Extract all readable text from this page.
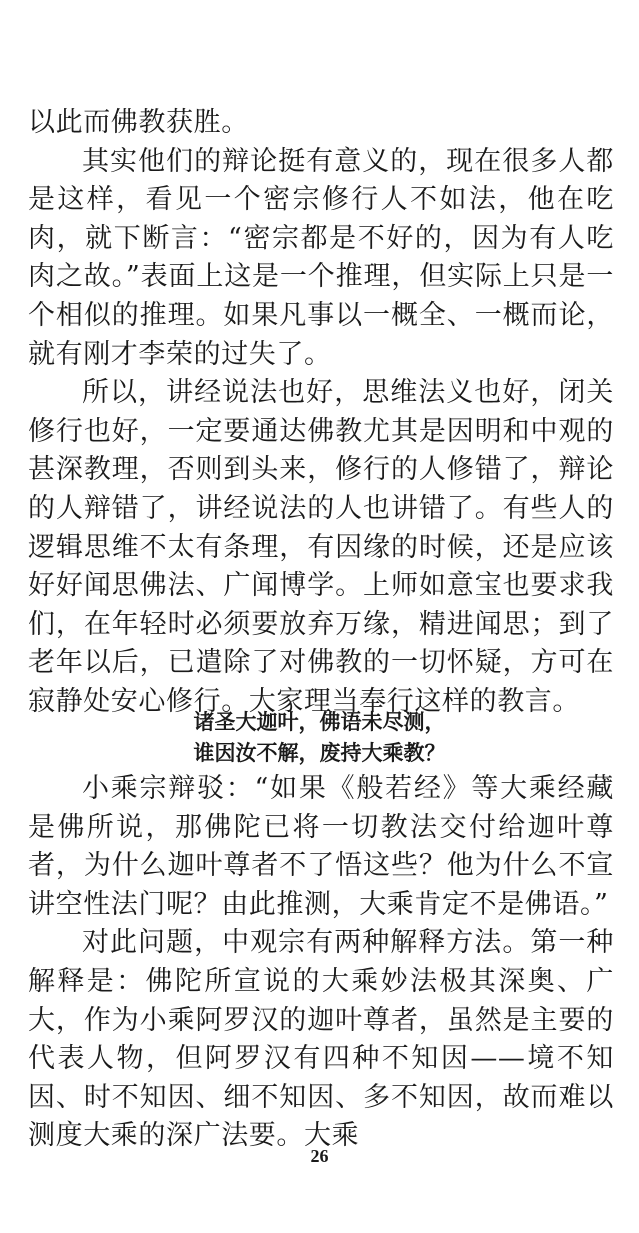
以此而佛教获胜。

其实他们的辩论挺有意义的，现在很多人都是这样，看见一个密宗修行人不如法，他在吃肉，就下断言：“密宗都是不好的，因为有人吃肉之故。”表面上这是一个推理，但实际上只是一个相似的推理。如果凡事以一概全、一概而论，就有刚才李荣的过失了。

所以，讲经说法也好，思维法义也好，闭关修行也好，一定要通达佛教尤其是因明和中观的甚深教理，否则到头来，修行的人修错了，辩论的人辩错了，讲经说法的人也讲错了。有些人的逻辑思维不太有条理，有因缘的时候，还是应该好好闻思佛法、广闻博学。上师如意宝也要求我们，在年轻时必须要放弃万缘，精进闻思；到了老年以后，已遣除了对佛教的一切怀疑，方可在寂静处安心修行。大家理当奉行这样的教言。

诸圣大迦叶，佛语未尽测，
谁因汝不解，废持大乘教？

小乘宗辩驳：“如果《般若经》等大乘经藏是佛所说，那佛陀已将一切教法交付给迦叶尊者，为什么迦叶尊者不了悟这些？他为什么不宣讲空性法门呢？由此推测，大乘肯定不是佛语。”

对此问题，中观宗有两种解释方法。第一种解释是：佛陀所宣说的大乘妙法极其深奥、广大，作为小乘阿罗汉的迦叶尊者，虽然是主要的代表人物，但阿罗汉有四种不知因——境不知因、时不知因、细不知因、多不知因，故而难以测度大乘的深广法要。大乘

26
